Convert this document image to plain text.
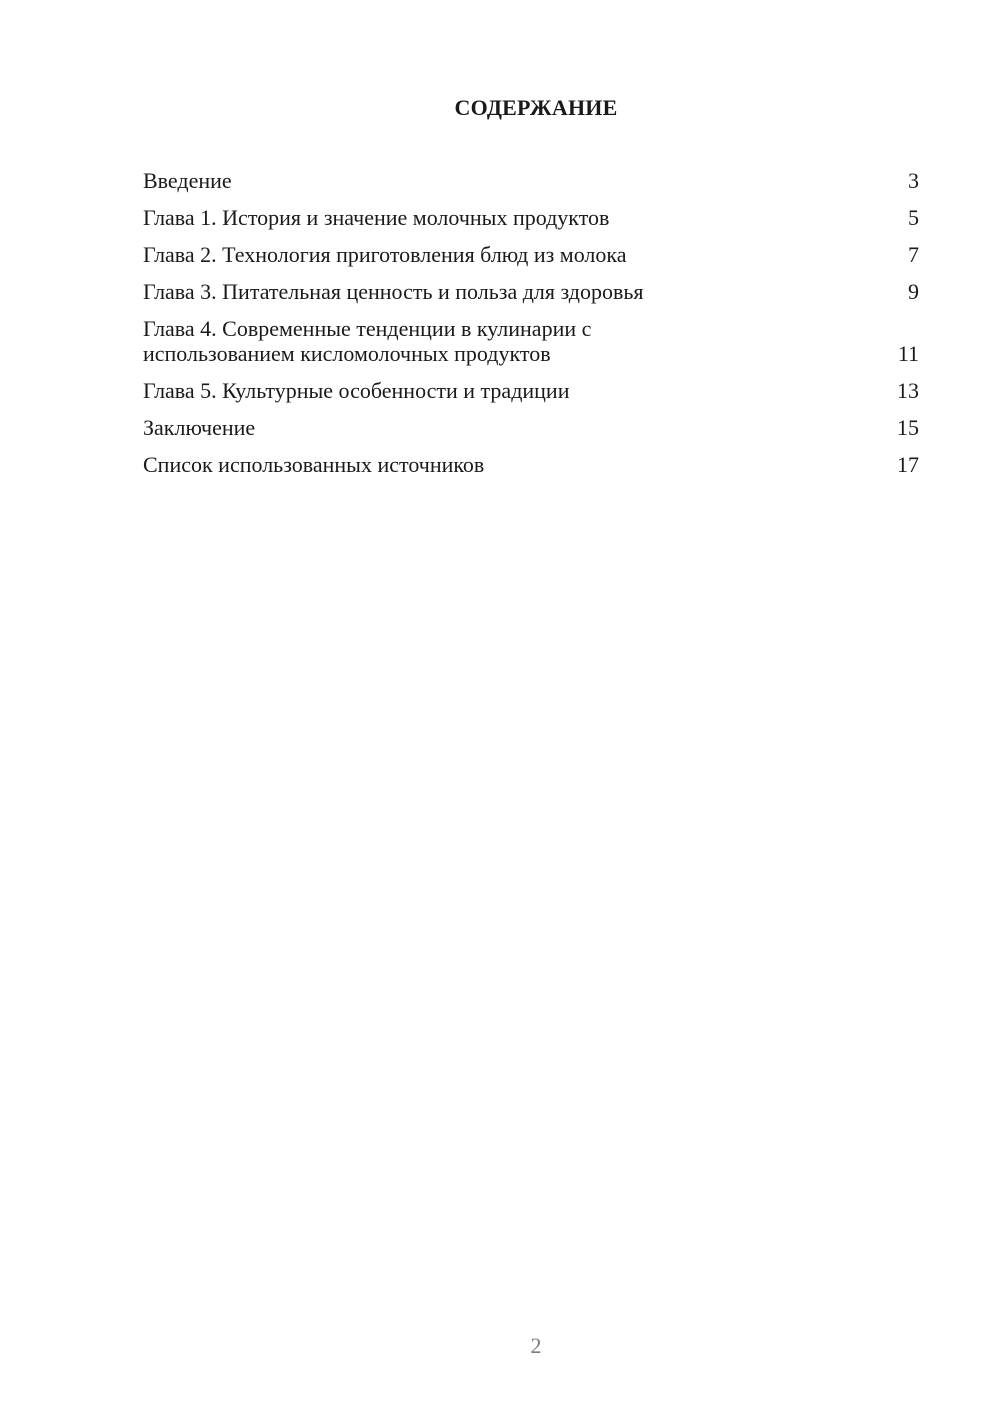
СОДЕРЖАНИЕ
Введение	3
Глава 1. История и значение молочных продуктов	5
Глава 2. Технология приготовления блюд из молока	7
Глава 3. Питательная ценность и польза для здоровья	9
Глава 4. Современные тенденции в кулинарии с
использованием кисломолочных продуктов	11
Глава 5. Культурные особенности и традиции	13
Заключение	15
Список использованных источников	17
2
